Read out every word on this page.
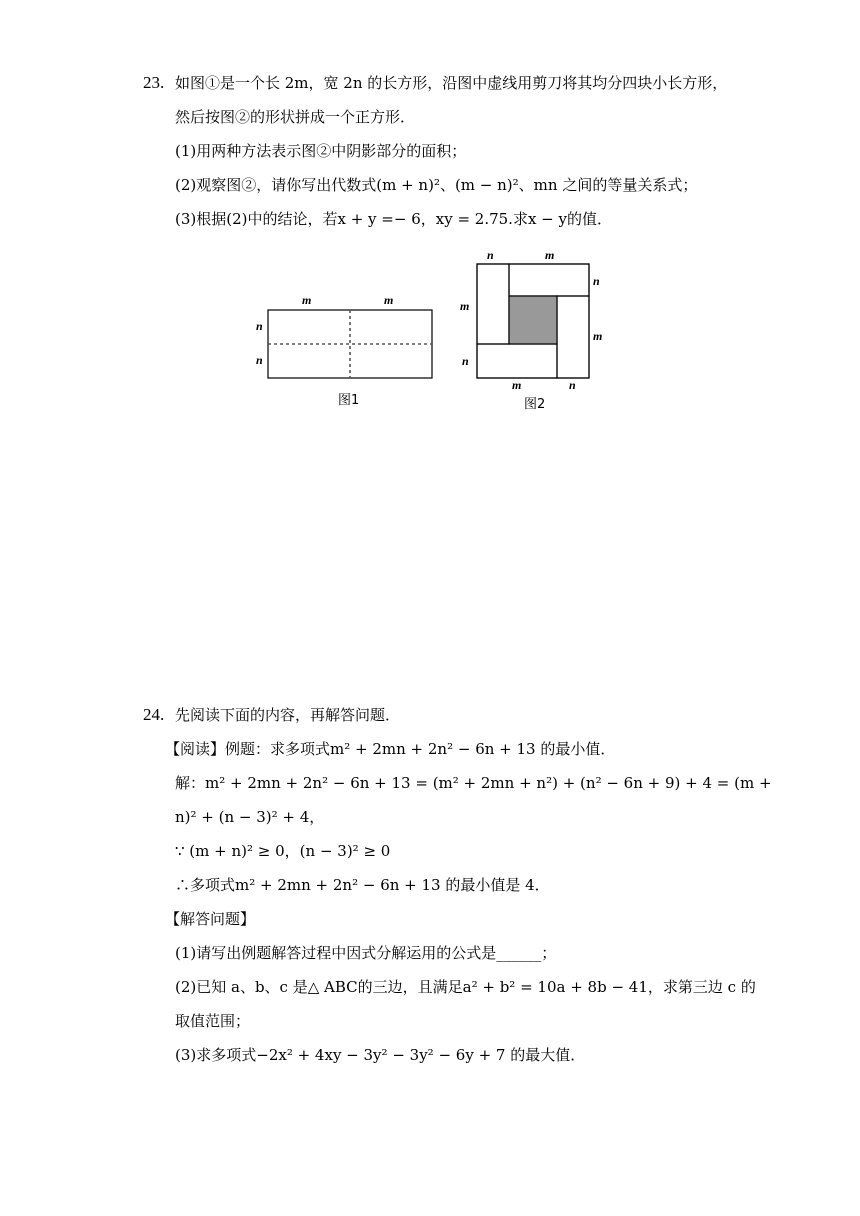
23. 如图①是一个长 2m，宽 2n 的长方形，沿图中虚线用剪刀将其均分四块小长方形，
然后按图②的形状拼成一个正方形．
(1)用两种方法表示图②中阴影部分的面积；
(2)观察图②，请你写出代数式(m + n)²、(m − n)²、mn 之间的等量关系式；
(3)根据(2)中的结论，若x + y =− 6，xy = 2.75.求x − y的值．
m	m
n
n
图1
n	m
n
m
m
n
m	n
图2
24. 先阅读下面的内容，再解答问题．
【阅读】例题：求多项式m² + 2mn + 2n² − 6n + 13 的最小值．
解：m² + 2mn + 2n² − 6n + 13 = (m² + 2mn + n²) + (n² − 6n + 9) + 4 = (m +
n)² + (n − 3)² + 4，
∵ (m + n)² ≥ 0，(n − 3)² ≥ 0
∴多项式m² + 2mn + 2n² − 6n + 13 的最小值是 4．
【解答问题】
(1)请写出例题解答过程中因式分解运用的公式是______；
(2)已知 a、b、c 是△ ABC的三边，且满足a² + b² = 10a + 8b − 41，求第三边 c 的
取值范围；
(3)求多项式−2x² + 4xy − 3y² − 3y² − 6y + 7 的最大值．
